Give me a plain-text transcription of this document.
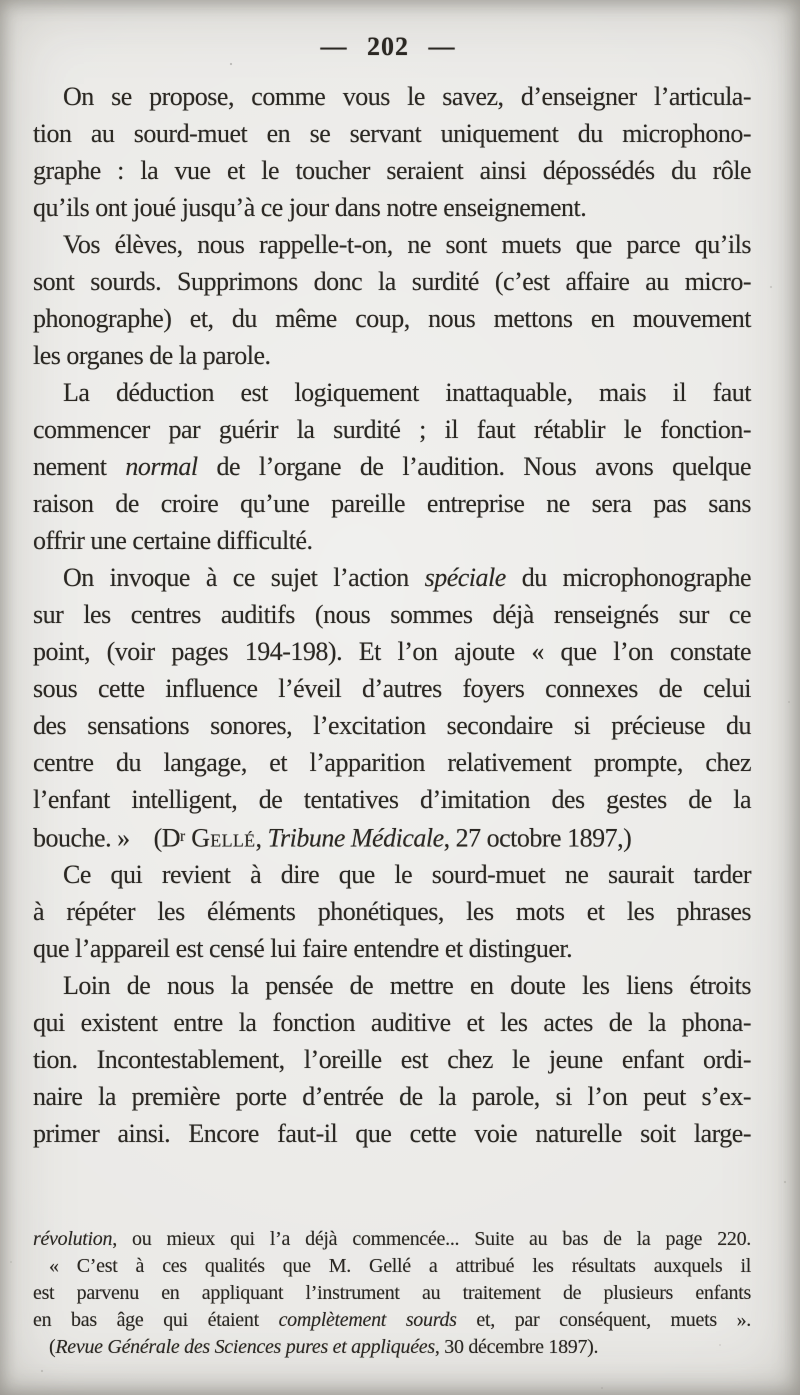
— 202 —
On se propose, comme vous le savez, d’enseigner l’articula-
tion au sourd-muet en se servant uniquement du microphono-
graphe : la vue et le toucher seraient ainsi dépossédés du rôle
qu’ils ont joué jusqu’à ce jour dans notre enseignement.
Vos élèves, nous rappelle-t-on, ne sont muets que parce qu’ils
sont sourds. Supprimons donc la surdité (c’est affaire au micro-
phonographe) et, du même coup, nous mettons en mouvement
les organes de la parole.
La déduction est logiquement inattaquable, mais il faut
commencer par guérir la surdité ; il faut rétablir le fonction-
nement normal de l’organe de l’audition. Nous avons quelque
raison de croire qu’une pareille entreprise ne sera pas sans
offrir une certaine difficulté.
On invoque à ce sujet l’action spéciale du microphonographe
sur les centres auditifs (nous sommes déjà renseignés sur ce
point, (voir pages 194-198). Et l’on ajoute « que l’on constate
sous cette influence l’éveil d’autres foyers connexes de celui
des sensations sonores, l’excitation secondaire si précieuse du
centre du langage, et l’apparition relativement prompte, chez
l’enfant intelligent, de tentatives d’imitation des gestes de la
bouche. »    ($D^r$ Gellé, Tribune Médicale, 27 octobre 1897,)
Ce qui revient à dire que le sourd-muet ne saurait tarder
à répéter les éléments phonétiques, les mots et les phrases
que l’appareil est censé lui faire entendre et distinguer.
Loin de nous la pensée de mettre en doute les liens étroits
qui existent entre la fonction auditive et les actes de la phona-
tion. Incontestablement, l’oreille est chez le jeune enfant ordi-
naire la première porte d’entrée de la parole, si l’on peut s’ex-
primer ainsi. Encore faut-il que cette voie naturelle soit large-
révolution, ou mieux qui l’a déjà commencée... Suite au bas de la page 220.
« C’est à ces qualités que M. Gellé a attribué les résultats auxquels il
est parvenu en appliquant l’instrument au traitement de plusieurs enfants
en bas âge qui étaient complètement sourds et, par conséquent, muets ».
(Revue Générale des Sciences pures et appliquées, 30 décembre 1897).
